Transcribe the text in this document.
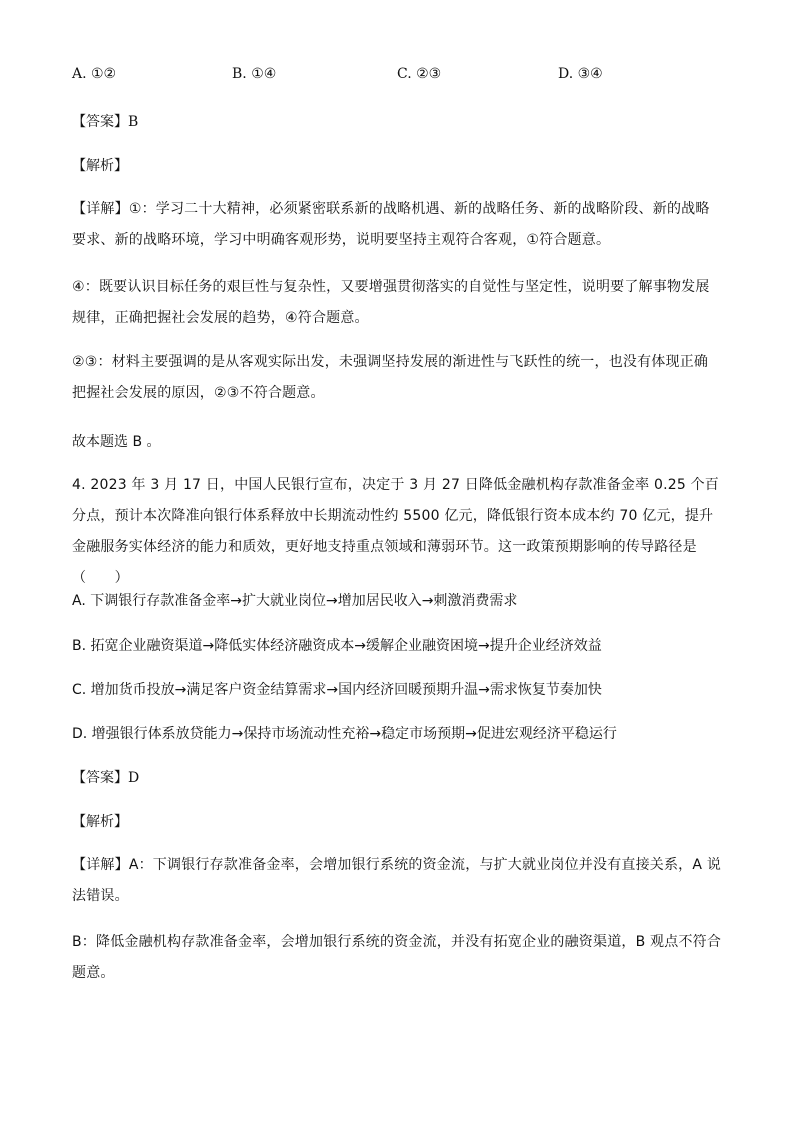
A. ①②	B. ①④	C. ②③	D. ③④
【答案】B
【解析】
【详解】①：学习二十大精神，必须紧密联系新的战略机遇、新的战略任务、新的战略阶段、新的战略要求、新的战略环境，学习中明确客观形势，说明要坚持主观符合客观，①符合题意。
④：既要认识目标任务的艰巨性与复杂性，又要增强贯彻落实的自觉性与坚定性，说明要了解事物发展规律，正确把握社会发展的趋势，④符合题意。
②③：材料主要强调的是从客观实际出发，未强调坚持发展的渐进性与飞跃性的统一，也没有体现正确把握社会发展的原因，②③不符合题意。
故本题选 B 。
4. 2023 年 3 月 17 日，中国人民银行宣布，决定于 3 月 27 日降低金融机构存款准备金率 0.25 个百分点，预计本次降准向银行体系释放中长期流动性约 5500 亿元，降低银行资本成本约 70 亿元，提升金融服务实体经济的能力和质效，更好地支持重点领域和薄弱环节。这一政策预期影响的传导路径是（　　）
A. 下调银行存款准备金率→扩大就业岗位→增加居民收入→刺激消费需求
B. 拓宽企业融资渠道→降低实体经济融资成本→缓解企业融资困境→提升企业经济效益
C. 增加货币投放→满足客户资金结算需求→国内经济回暖预期升温→需求恢复节奏加快
D. 增强银行体系放贷能力→保持市场流动性充裕→稳定市场预期→促进宏观经济平稳运行
【答案】D
【解析】
【详解】A：下调银行存款准备金率，会增加银行系统的资金流，与扩大就业岗位并没有直接关系，A 说法错误。
B：降低金融机构存款准备金率，会增加银行系统的资金流，并没有拓宽企业的融资渠道，B 观点不符合题意。
